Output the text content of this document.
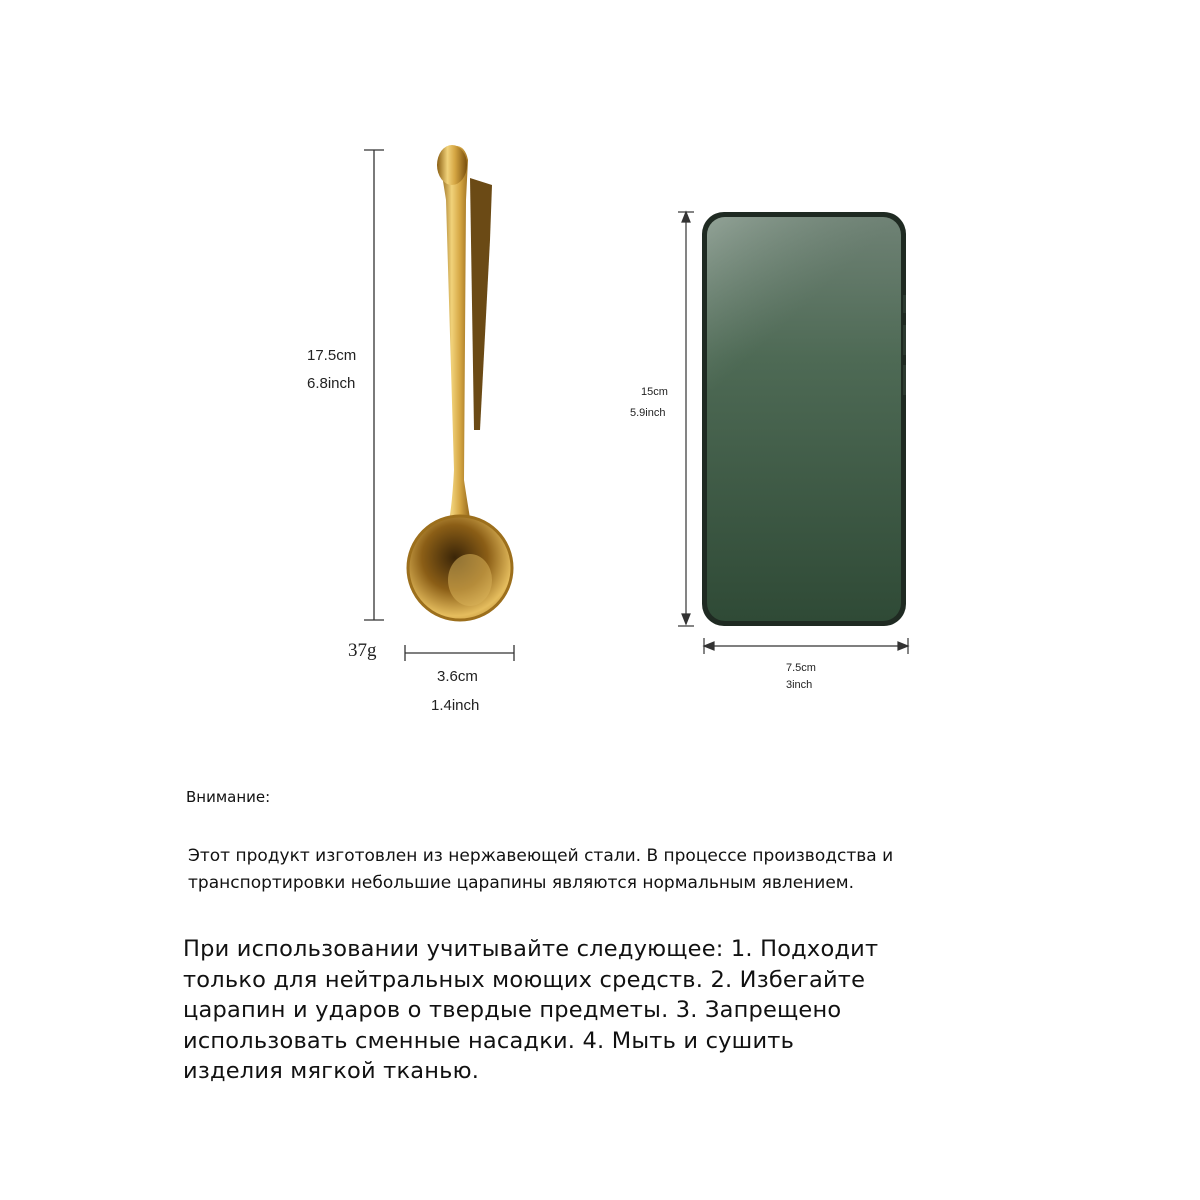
17.5cm
6.8inch
37g
3.6cm
1.4inch
15cm
5.9inch
7.5cm
3inch
Внимание:
Этот продукт изготовлен из нержавеющей стали. В процессе производства и транспортировки небольшие царапины являются нормальным явлением.
При использовании учитывайте следующее: 1. Подходит только для нейтральных моющих средств. 2. Избегайте царапин и ударов о твердые предметы. 3. Запрещено использовать сменные насадки. 4. Мыть и сушить изделия мягкой тканью.
